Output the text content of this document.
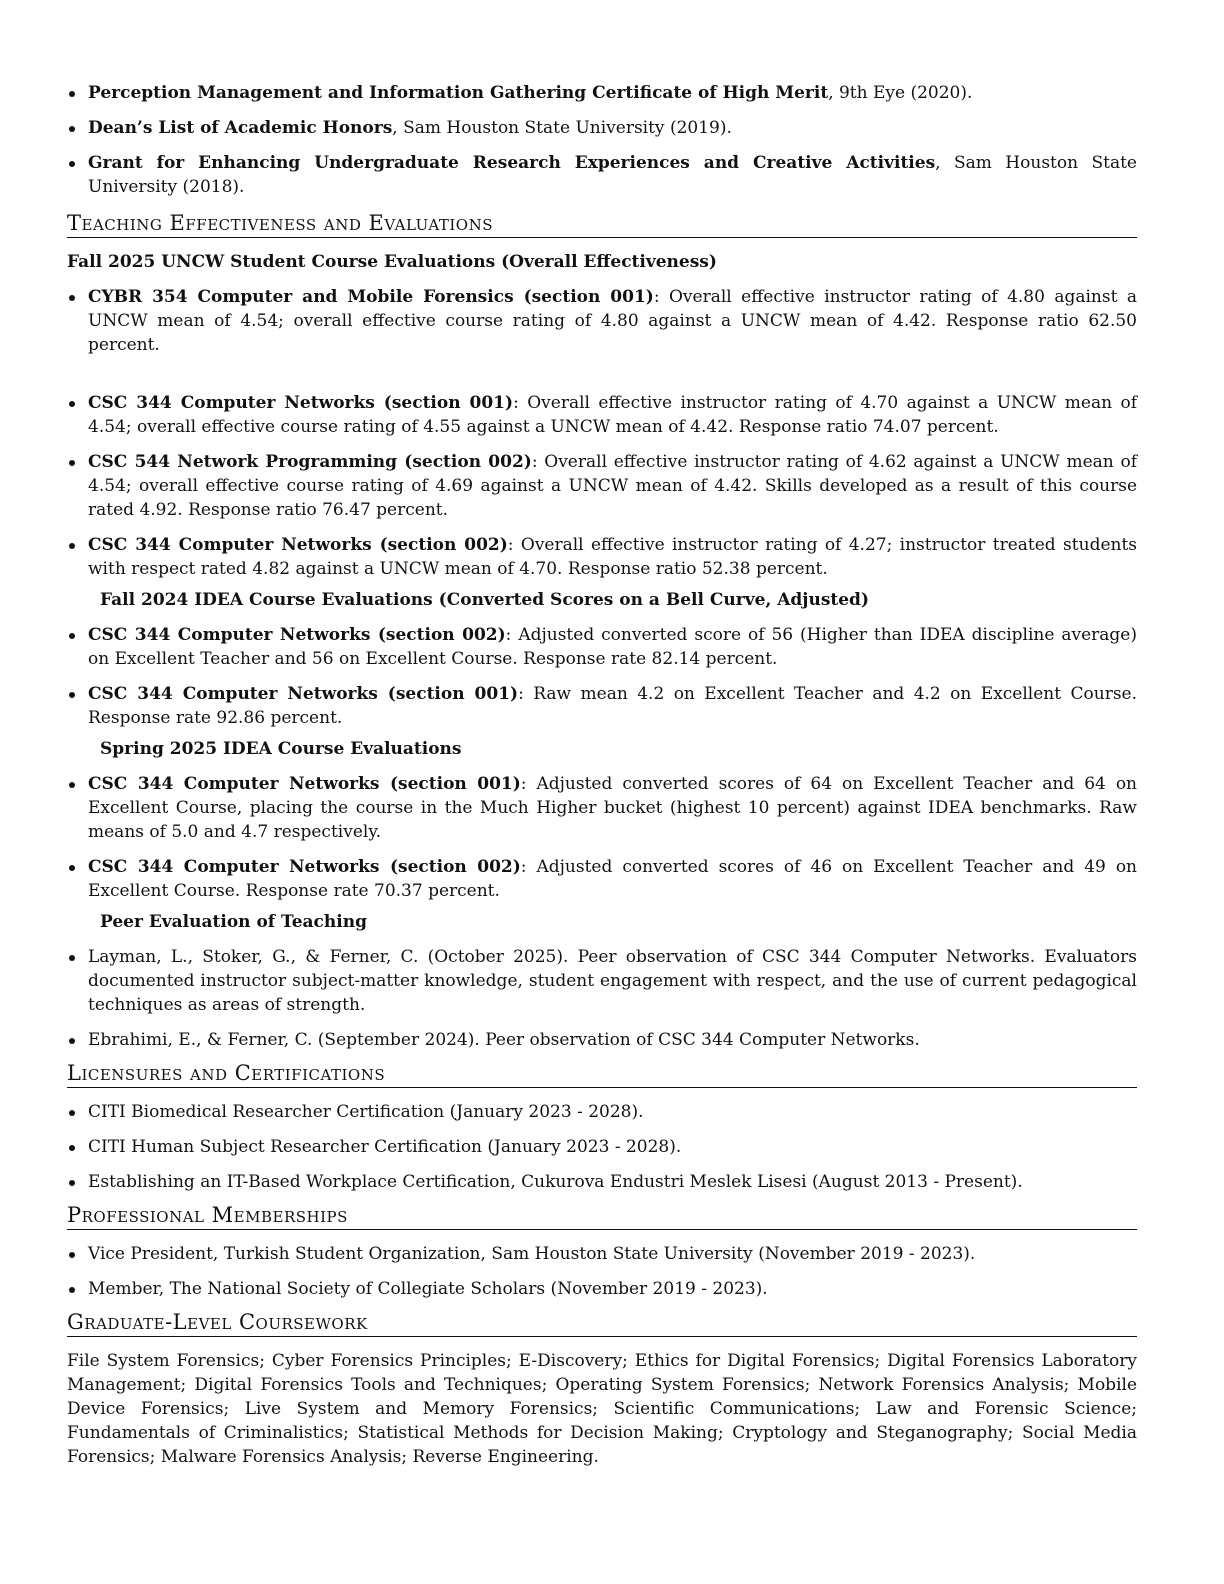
Perception Management and Information Gathering Certificate of High Merit, 9th Eye (2020).
Dean’s List of Academic Honors, Sam Houston State University (2019).
Grant for Enhancing Undergraduate Research Experiences and Creative Activities, Sam Houston State University (2018).
Teaching Effectiveness and Evaluations
Fall 2025 UNCW Student Course Evaluations (Overall Effectiveness)
CYBR 354 Computer and Mobile Forensics (section 001): Overall effective instructor rating of 4.80 against a UNCW mean of 4.54; overall effective course rating of 4.80 against a UNCW mean of 4.42. Response ratio 62.50 percent.
CSC 344 Computer Networks (section 001): Overall effective instructor rating of 4.70 against a UNCW mean of 4.54; overall effective course rating of 4.55 against a UNCW mean of 4.42. Response ratio 74.07 percent.
CSC 544 Network Programming (section 002): Overall effective instructor rating of 4.62 against a UNCW mean of 4.54; overall effective course rating of 4.69 against a UNCW mean of 4.42. Skills developed as a result of this course rated 4.92. Response ratio 76.47 percent.
CSC 344 Computer Networks (section 002): Overall effective instructor rating of 4.27; instructor treated students with respect rated 4.82 against a UNCW mean of 4.70. Response ratio 52.38 percent.
Fall 2024 IDEA Course Evaluations (Converted Scores on a Bell Curve, Adjusted)
CSC 344 Computer Networks (section 002): Adjusted converted score of 56 (Higher than IDEA discipline average) on Excellent Teacher and 56 on Excellent Course. Response rate 82.14 percent.
CSC 344 Computer Networks (section 001): Raw mean 4.2 on Excellent Teacher and 4.2 on Excellent Course. Response rate 92.86 percent.
Spring 2025 IDEA Course Evaluations
CSC 344 Computer Networks (section 001): Adjusted converted scores of 64 on Excellent Teacher and 64 on Excellent Course, placing the course in the Much Higher bucket (highest 10 percent) against IDEA benchmarks. Raw means of 5.0 and 4.7 respectively.
CSC 344 Computer Networks (section 002): Adjusted converted scores of 46 on Excellent Teacher and 49 on Excellent Course. Response rate 70.37 percent.
Peer Evaluation of Teaching
Layman, L., Stoker, G., & Ferner, C. (October 2025). Peer observation of CSC 344 Computer Networks. Evaluators documented instructor subject-matter knowledge, student engagement with respect, and the use of current pedagogical techniques as areas of strength.
Ebrahimi, E., & Ferner, C. (September 2024). Peer observation of CSC 344 Computer Networks.
Licensures and Certifications
CITI Biomedical Researcher Certification (January 2023 - 2028).
CITI Human Subject Researcher Certification (January 2023 - 2028).
Establishing an IT-Based Workplace Certification, Cukurova Endustri Meslek Lisesi (August 2013 - Present).
Professional Memberships
Vice President, Turkish Student Organization, Sam Houston State University (November 2019 - 2023).
Member, The National Society of Collegiate Scholars (November 2019 - 2023).
Graduate-Level Coursework

File System Forensics; Cyber Forensics Principles; E-Discovery; Ethics for Digital Forensics; Digital Forensics Laboratory Management; Digital Forensics Tools and Techniques; Operating System Forensics; Network Forensics Analysis; Mobile Device Forensics; Live System and Memory Forensics; Scientific Communications; Law and Forensic Science; Fundamentals of Criminalistics; Statistical Methods for Decision Making; Cryptology and Steganography; Social Media Forensics; Malware Forensics Analysis; Reverse Engineering.
